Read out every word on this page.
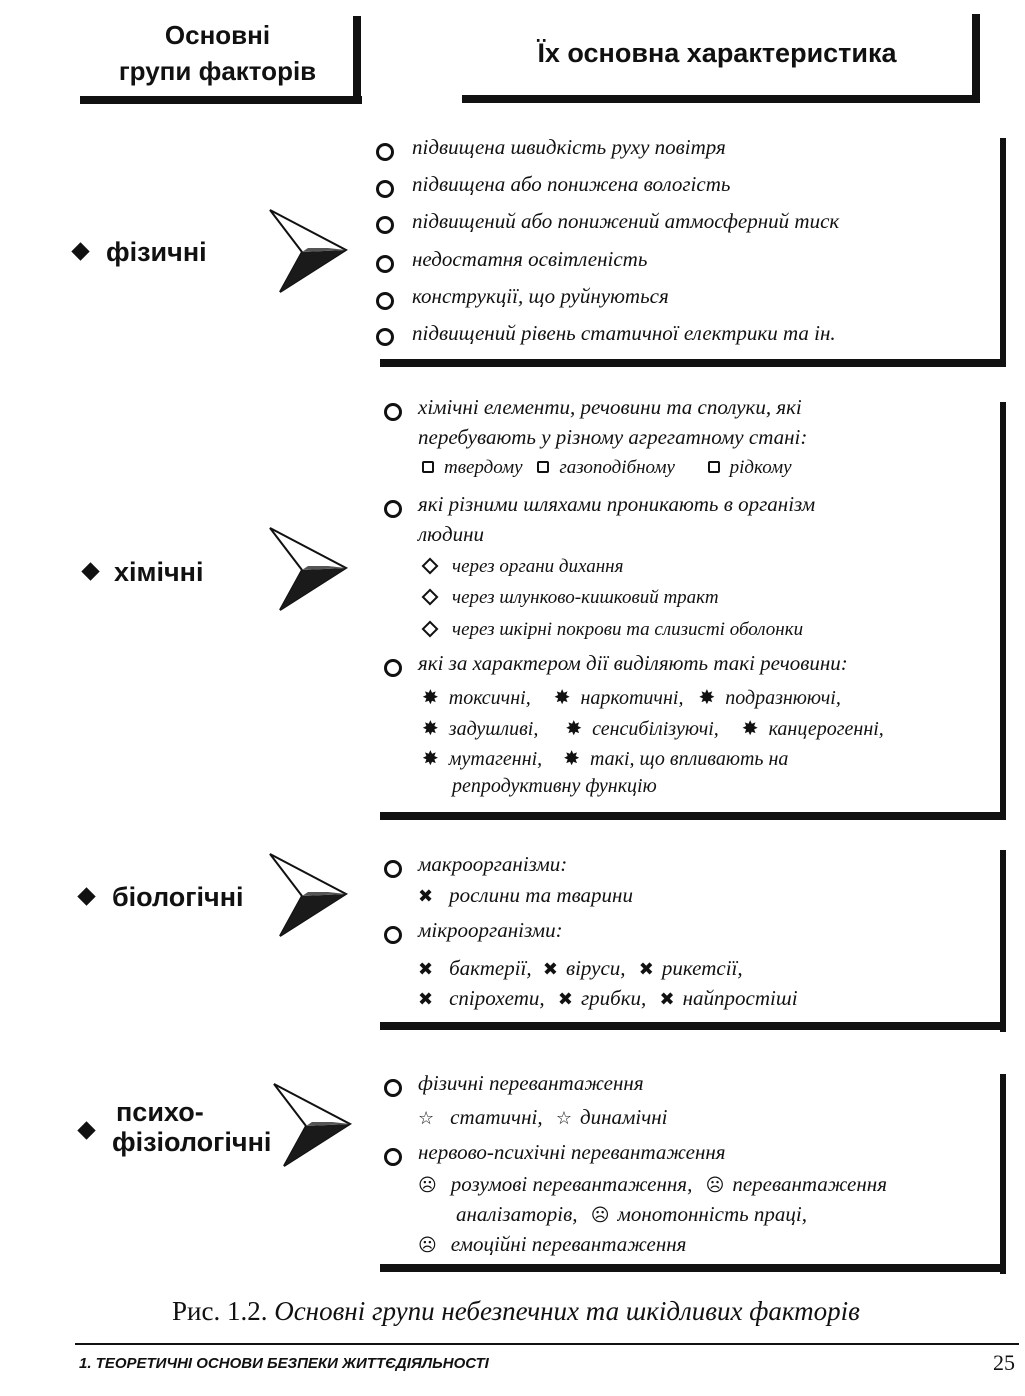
Основні
групи факторів
Їх основна характеристика
фізичні
підвищена швидкість руху повітря
підвищена або понижена вологість
підвищений або понижений атмосферний тиск
недостатня освітленість
конструкції, що руйнуються
підвищений рівень статичної електрики та ін.
хімічні
хімічні елементи, речовини та сполуки, які
перебувають у різному агрегатному стані:
твердому газоподібному	рідкому
які різними шляхами проникають в організм
людини
через органи дихання
через шлунково-кишковий тракт
через шкірні покрови та слизисті оболонки
які за характером дії виділяють такі речовини:
✸ токсичні, ✸ наркотичні, ✸ подразнюючі,
✸ задушливі, ✸ сенсибілізуючі, ✸ канцерогенні,
✸ мутагенні, ✸ такі, що впливають на
репродуктивну функцію
біологічні
макроорганізми:
✖ рослини та тварини
мікроорганізми:
✖ бактерії, ✖ віруси, ✖ рикетсії,
✖ спірохети, ✖ грибки, ✖ найпростіші
психо-
фізіологічні
фізичні перевантаження
☆ статичні, ☆ динамічні
нервово-психічні перевантаження
☹ розумові перевантаження, ☹ перевантаження
аналізаторів, ☹ монотонність праці,
☹ емоційні перевантаження
Рис. 1.2. Основні групи небезпечних та шкідливих факторів
1. ТЕОРЕТИЧНІ ОСНОВИ БЕЗПЕКИ ЖИТТЄДІЯЛЬНОСТІ	25
